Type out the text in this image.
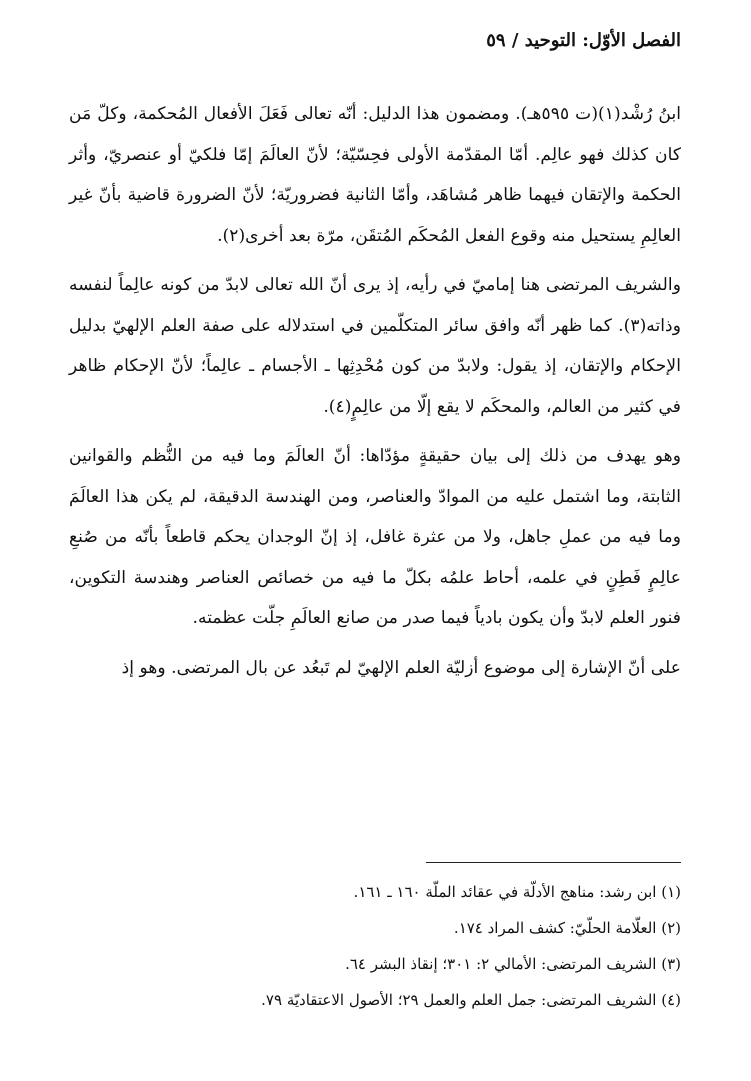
الفصل الأوّل: التوحيد / ٥٩

ابنُ رُشْد(١)(ت ٥٩٥هـ). ومضمون هذا الدليل: أنّه تعالى فَعَلَ الأفعال المُحكمة، وكلّ مَن كان كذلك فهو عالِم. أمّا المقدّمة الأولى فحِسّيّة؛ لأنّ العالَمَ إمّا فلكيّ أو عنصريّ، وأثر الحكمة والإتقان فيهما ظاهر مُشاهَد، وأمّا الثانية فضروريّة؛ لأنّ الضرورة قاضية بأنّ غير العالِمِ يستحيل منه وقوع الفعل المُحكَم المُتقَن، مرّة بعد أخرى(٢).

والشريف المرتضى هنا إماميّ في رأيه، إذ يرى أنّ الله تعالى لابدّ من كونه عالِماً لنفسه وذاته(٣). كما ظهر أنّه وافق سائر المتكلّمين في استدلاله على صفة العلم الإلهيّ بدليل الإحكام والإتقان، إذ يقول: ولابدّ من كون مُحْدِثِها ـ الأجسام ـ عالِماً؛ لأنّ الإحكام ظاهر في كثير من العالم، والمحكَم لا يقع إلّا من عالِمٍ(٤).

وهو يهدف من ذلك إلى بيان حقيقةٍ مؤدّاها: أنّ العالَمَ وما فيه من النُّظم والقوانين الثابتة، وما اشتمل عليه من الموادّ والعناصر، ومن الهندسة الدقيقة، لم يكن هذا العالَمَ وما فيه من عملِ جاهل، ولا من عثرة غافل، إذ إنّ الوجدان يحكم قاطعاً بأنّه من صُنعِ عالِمٍ فَطِنٍ في علمه، أحاط علمُه بكلّ ما فيه من خصائص العناصر وهندسة التكوين، فنور العلم لابدّ وأن يكون بادياً فيما صدر من صانع العالَمِ جلّت عظمته.

على أنّ الإشارة إلى موضوع أزليّة العلم الإلهيّ لم تَبعُد عن بال المرتضى. وهو إذ

(١) ابن رشد: مناهج الأدلّة في عقائد الملّة ١٦٠ ـ ١٦١.

(٢) العلّامة الحلّيّ: كشف المراد ١٧٤.

(٣) الشريف المرتضى: الأمالي ٢: ٣٠١؛ إنقاذ البشر ٦٤.

(٤) الشريف المرتضى: جمل العلم والعمل ٢٩؛ الأصول الاعتقاديّة ٧٩.
